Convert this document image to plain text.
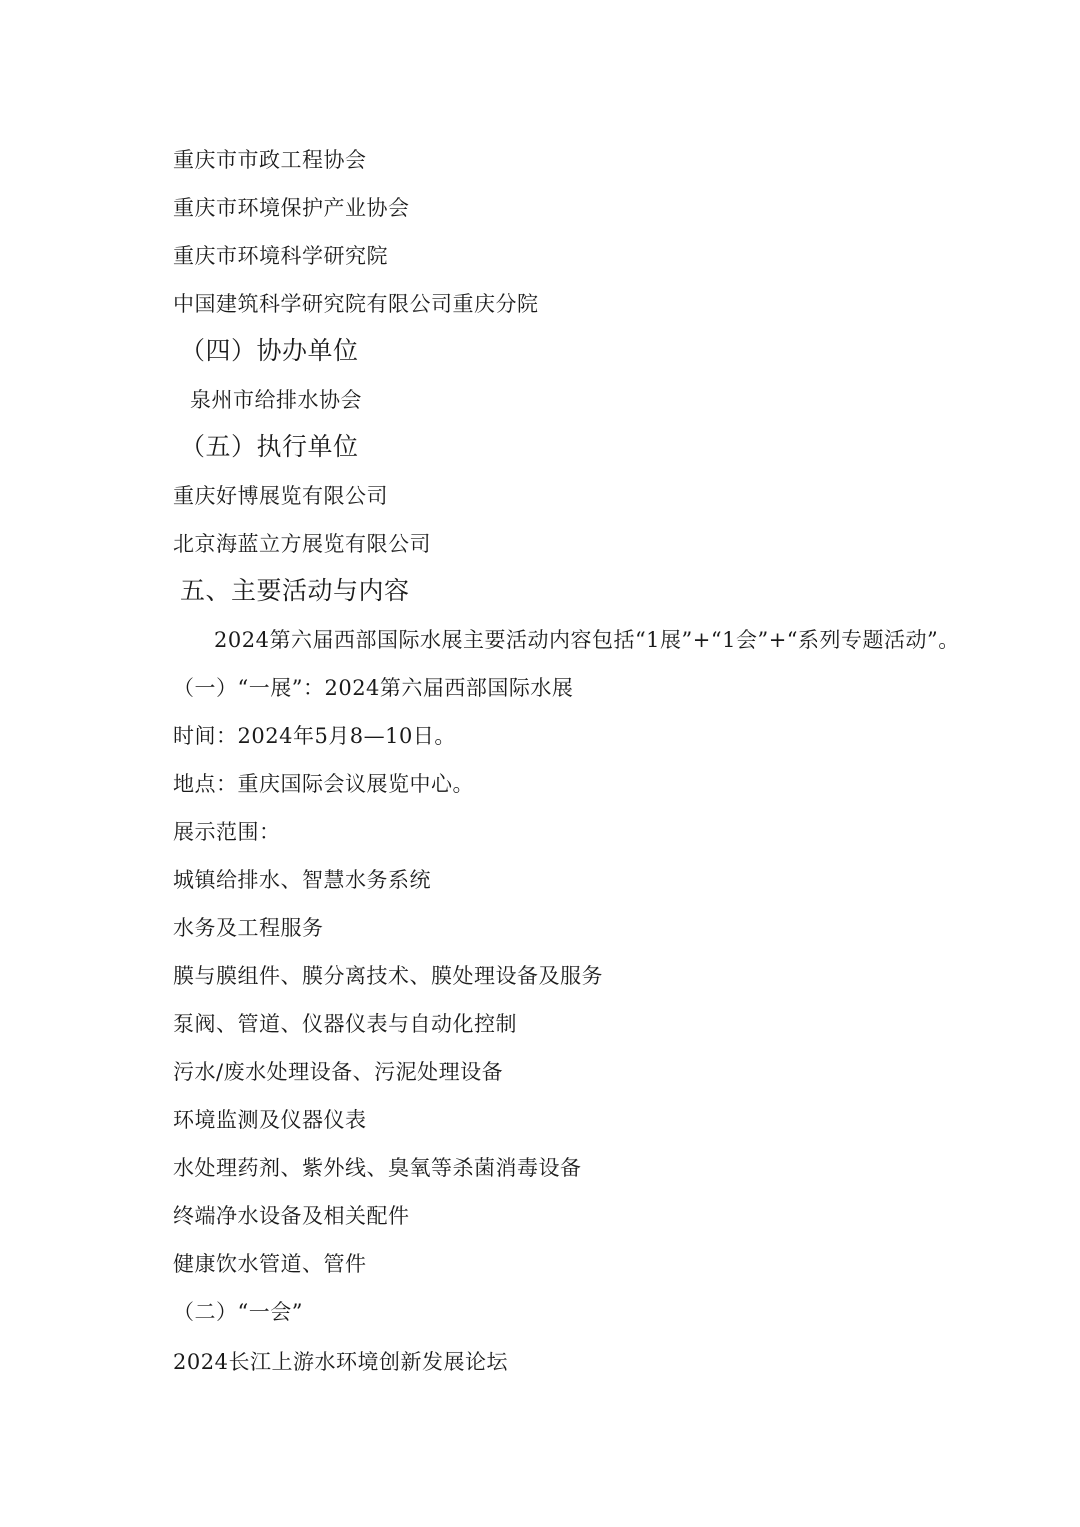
重庆市市政工程协会
重庆市环境保护产业协会
重庆市环境科学研究院
中国建筑科学研究院有限公司重庆分院
（四）协办单位
泉州市给排水协会
（五）执行单位
重庆好博展览有限公司
北京海蓝立方展览有限公司
五、主要活动与内容
2024第六届西部国际水展主要活动内容包括“1展”+“1会”+“系列专题活动”。
（一）“一展”：2024第六届西部国际水展
时间：2024年5月8—10日。
地点：重庆国际会议展览中心。
展示范围：
城镇给排水、智慧水务系统
水务及工程服务
膜与膜组件、膜分离技术、膜处理设备及服务
泵阀、管道、仪器仪表与自动化控制
污水/废水处理设备、污泥处理设备
环境监测及仪器仪表
水处理药剂、紫外线、臭氧等杀菌消毒设备
终端净水设备及相关配件
健康饮水管道、管件
（二）“一会”
2024长江上游水环境创新发展论坛
